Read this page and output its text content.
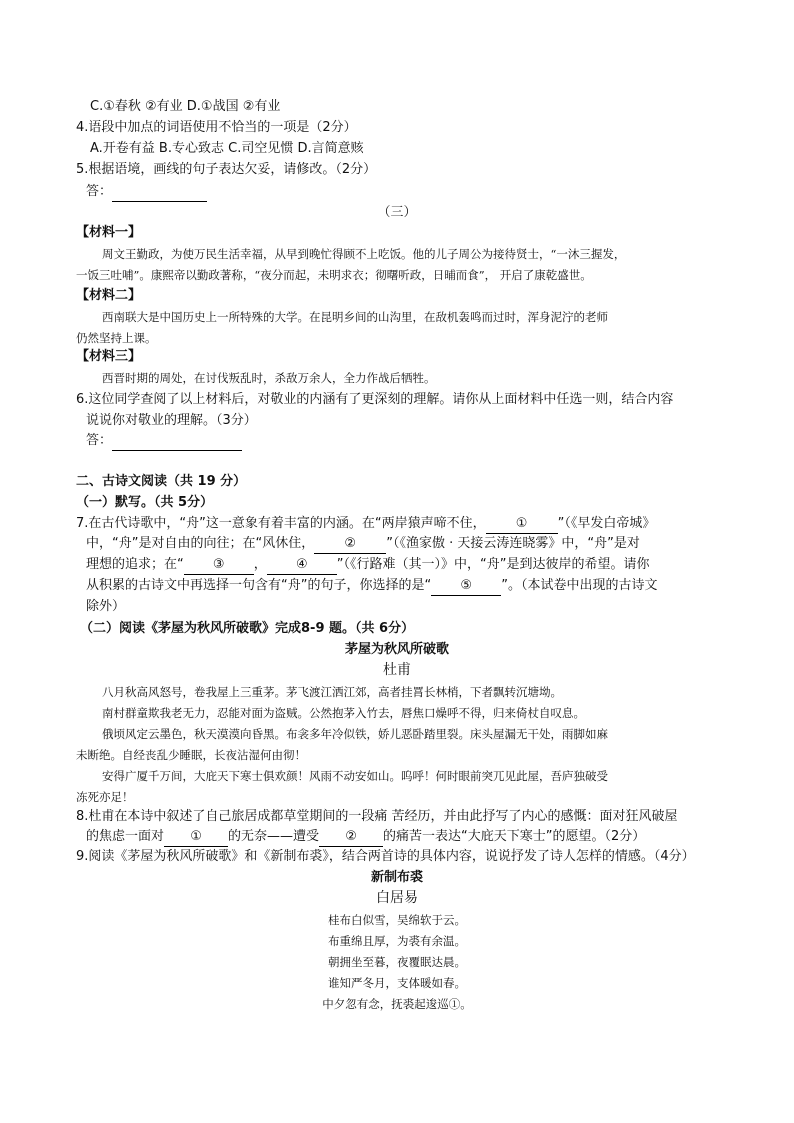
C.①春秋 ②有业 D.①战国 ②有业
4.语段中加点的词语使用不恰当的一项是（2分）
A.开卷有益 B.专心致志 C.司空见惯 D.言简意赅
5.根据语境，画线的句子表达欠妥，请修改。（2分）
答：
（三）
【材料一】
周文王勤政，为使万民生活幸福，从早到晚忙得顾不上吃饭。他的儿子周公为接待贤士，“一沐三握发，
一饭三吐哺”。康熙帝以勤政著称，“夜分而起，未明求衣；彻曙听政，日晡而食”， 开启了康乾盛世。
【材料二】
西南联大是中国历史上一所特殊的大学。在昆明乡间的山沟里，在敌机轰鸣而过时，浑身泥泞的老师
仍然坚持上课。
【材料三】
西晋时期的周处，在讨伐叛乱时，杀敌万余人，全力作战后牺牲。
6.这位同学查阅了以上材料后，对敬业的内涵有了更深刻的理解。请你从上面材料中任选一则，结合内容
说说你对敬业的理解。（3分）
答：
二、古诗文阅读（共 19 分）
（一）默写。（共 5分）
7.在古代诗歌中，“舟”这一意象有着丰富的内涵。在“两岸猿声啼不住， ① ”（《早发白帝城》
中，“舟”是对自由的向往；在“风休住， ② ”（《渔家傲 · 天接云涛连晓雾》中，“舟”是对
理想的追求；在“ ③ ， ④ ”（《行路难（其一）》中，“舟”是到达彼岸的希望。请你
从积累的古诗文中再选择一句含有“舟”的句子，你选择的是“ ⑤ ”。（本试卷中出现的古诗文
除外）
（二）阅读《茅屋为秋风所破歌》完成8-9 题。（共 6分）
茅屋为秋风所破歌
杜甫
八月秋高风怒号，卷我屋上三重茅。茅飞渡江洒江郊，高者挂罥长林梢，下者飘转沉塘坳。
南村群童欺我老无力，忍能对面为盗贼。公然抱茅入竹去，唇焦口燥呼不得，归来倚杖自叹息。
俄顷风定云墨色，秋天漠漠向昏黑。布衾多年冷似铁，娇儿恶卧踏里裂。床头屋漏无干处，雨脚如麻
未断绝。自经丧乱少睡眠，长夜沾湿何由彻！
安得广厦千万间，大庇天下寒士俱欢颜！风雨不动安如山。呜呼！何时眼前突兀见此屋，吾庐独破受
冻死亦足！
8.杜甫在本诗中叙述了自己旅居成都草堂期间的一段痛 苦经历，并由此抒写了内心的感慨：面对狂风破屋
的焦虑一面对 ① 的无奈——遭受 ② 的痛苦一表达“大庇天下寒士”的愿望。（2分）
9.阅读《茅屋为秋风所破歌》和《新制布裘》，结合两首诗的具体内容，说说抒发了诗人怎样的情感。（4分）
新制布裘
白居易
桂布白似雪，吴绵软于云。
布重绵且厚，为裘有余温。
朝拥坐至暮，夜覆眠达晨。
谁知严冬月，支体暖如春。
中夕忽有念，抚裘起逡巡①。
